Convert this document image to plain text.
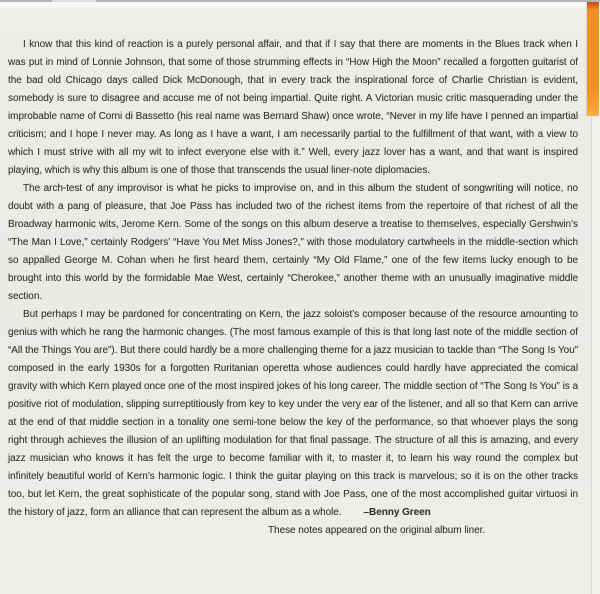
I know that this kind of reaction is a purely personal affair, and that if I say that there are moments in the Blues track when I was put in mind of Lonnie Johnson, that some of those strumming effects in “How High the Moon” recalled a forgotten guitarist of the bad old Chicago days called Dick McDonough, that in every track the inspirational force of Charlie Christian is evident, somebody is sure to disagree and accuse me of not being impartial. Quite right. A Victorian music critic masquerading under the improbable name of Corni di Bassetto (his real name was Bernard Shaw) once wrote, “Never in my life have I penned an impartial criticism; and I hope I never may. As long as I have a want, I am necessarily partial to the fulfillment of that want, with a view to which I must strive with all my wit to infect everyone else with it.” Well, every jazz lover has a want, and that want is inspired playing, which is why this album is one of those that transcends the usual liner-note diplomacies.

The arch-test of any improvisor is what he picks to improvise on, and in this album the student of songwriting will notice, no doubt with a pang of pleasure, that Joe Pass has included two of the richest items from the repertoire of that richest of all the Broadway harmonic wits, Jerome Kern. Some of the songs on this album deserve a treatise to themselves, especially Gershwin’s “The Man I Love,” certainly Rodgers’ “Have You Met Miss Jones?,” with those modulatory cartwheels in the middle-section which so appalled George M. Cohan when he first heard them, certainly “My Old Flame,” one of the few items lucky enough to be brought into this world by the formidable Mae West, certainly “Cherokee,” another theme with an unusually imaginative middle section.

But perhaps I may be pardoned for concentrating on Kern, the jazz soloist’s composer because of the resource amounting to genius with which he rang the harmonic changes. (The most famous example of this is that long last note of the middle section of “All the Things You are”). But there could hardly be a more challenging theme for a jazz musician to tackle than “The Song Is You” composed in the early 1930s for a forgotten Ruritanian operetta whose audiences could hardly have appreciated the comical gravity with which Kern played once one of the most inspired jokes of his long career. The middle section of “The Song Is You” is a positive riot of modulation, slipping surreptitiously from key to key under the very ear of the listener, and all so that Kern can arrive at the end of that middle section in a tonality one semi-tone below the key of the performance, so that whoever plays the song right through achieves the illusion of an uplifting modulation for that final passage. The structure of all this is amazing, and every jazz musician who knows it has felt the urge to become familiar with it, to master it, to learn his way round the complex but infinitely beautiful world of Kern’s harmonic logic. I think the guitar playing on this track is marvelous; so it is on the other tracks too, but let Kern, the great sophisticate of the popular song, stand with Joe Pass, one of the most accomplished guitar virtuosi in the history of jazz, form an alliance that can represent the album as a whole. –Benny Green

These notes appeared on the original album liner.
